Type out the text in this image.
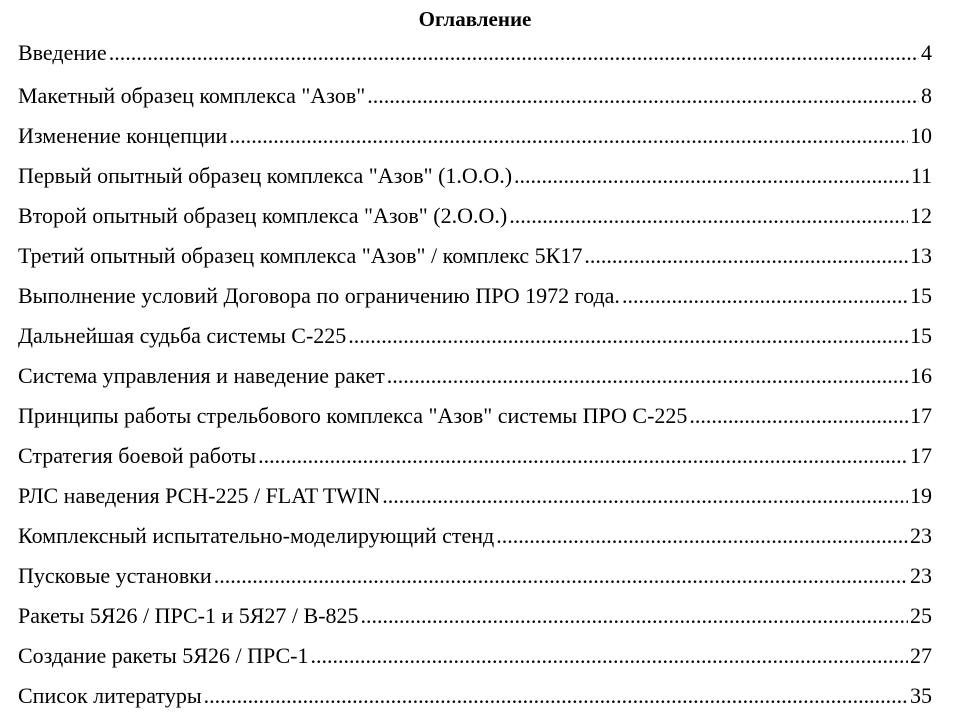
Оглавление
Введение .....	4
Макетный образец комплекса "Азов" .....	8
Изменение концепции .....	10
Первый опытный образец комплекса "Азов" (1.О.О.) .....	11
Второй опытный образец комплекса "Азов" (2.О.О.) .....	12
Третий опытный образец комплекса "Азов" / комплекс 5К17 .....	13
Выполнение условий Договора по ограничению ПРО 1972 года. .....	15
Дальнейшая судьба системы С-225 .....	15
Система управления и наведение ракет .....	16
Принципы работы стрельбового комплекса "Азов" системы ПРО С-225 .....	17
Стратегия боевой работы .....	17
РЛС наведения РСН-225 / FLAT TWIN .....	19
Комплексный испытательно-моделирующий стенд .....	23
Пусковые установки .....	23
Ракеты 5Я26 / ПРС-1 и 5Я27 / В-825 .....	25
Создание ракеты 5Я26 / ПРС-1 .....	27
Список литературы .....	35
